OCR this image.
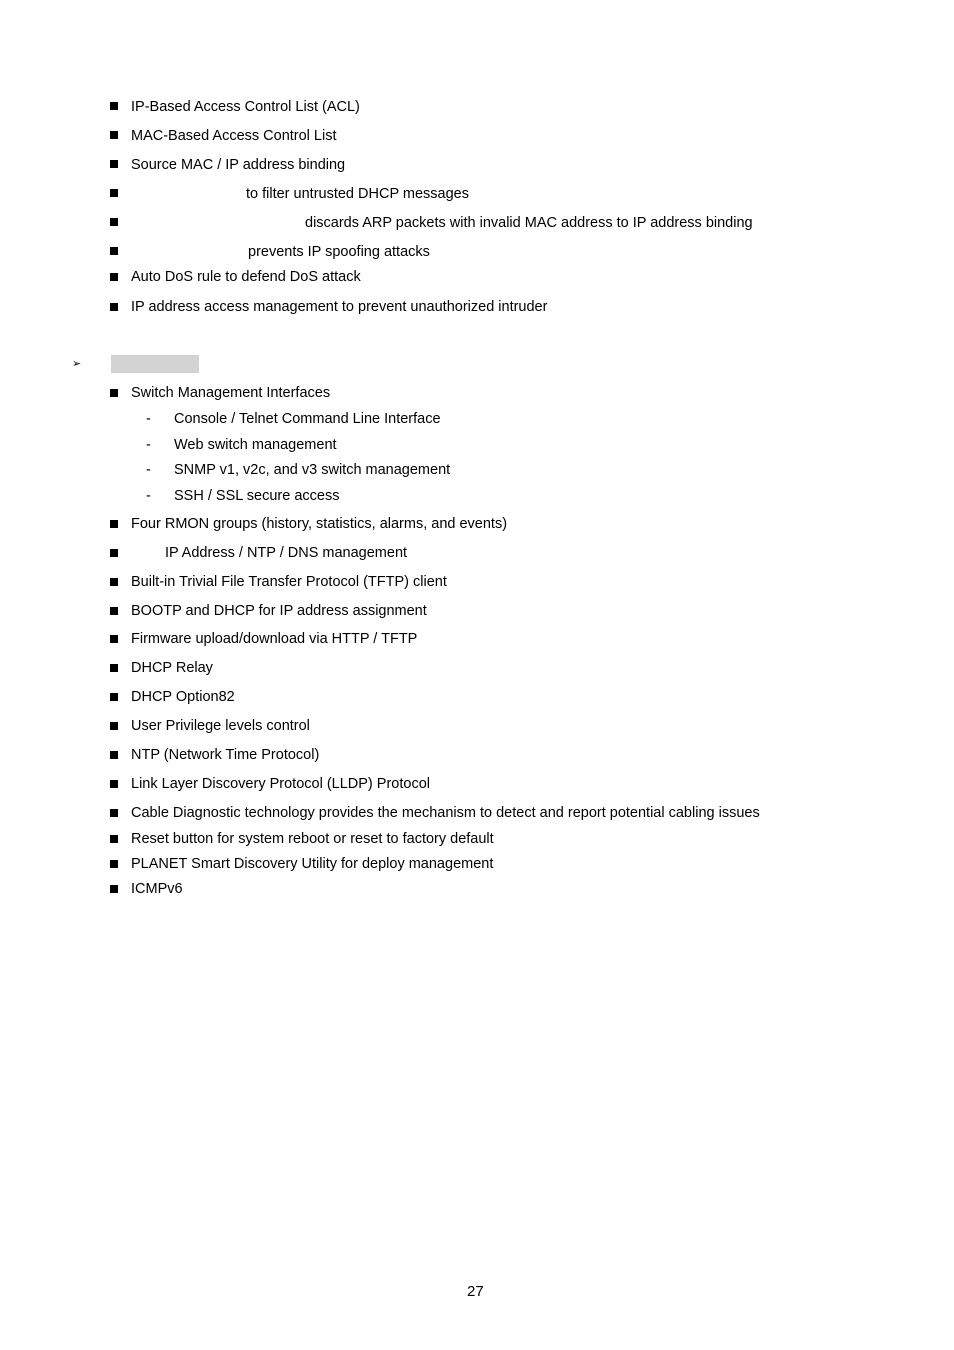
IP-Based Access Control List (ACL)
MAC-Based Access Control List
Source MAC / IP address binding
to filter untrusted DHCP messages
discards ARP packets with invalid MAC address to IP address binding
prevents IP spoofing attacks
Auto DoS rule to defend DoS attack
IP address access management to prevent unauthorized intruder
➢
Switch Management Interfaces
- Console / Telnet Command Line Interface
- Web switch management
- SNMP v1, v2c, and v3 switch management
- SSH / SSL secure access
Four RMON groups (history, statistics, alarms, and events)
IP Address / NTP / DNS management
Built-in Trivial File Transfer Protocol (TFTP) client
BOOTP and DHCP for IP address assignment
Firmware upload/download via HTTP / TFTP
DHCP Relay
DHCP Option82
User Privilege levels control
NTP (Network Time Protocol)
Link Layer Discovery Protocol (LLDP) Protocol
Cable Diagnostic technology provides the mechanism to detect and report potential cabling issues
Reset button for system reboot or reset to factory default
PLANET Smart Discovery Utility for deploy management
ICMPv6
27
